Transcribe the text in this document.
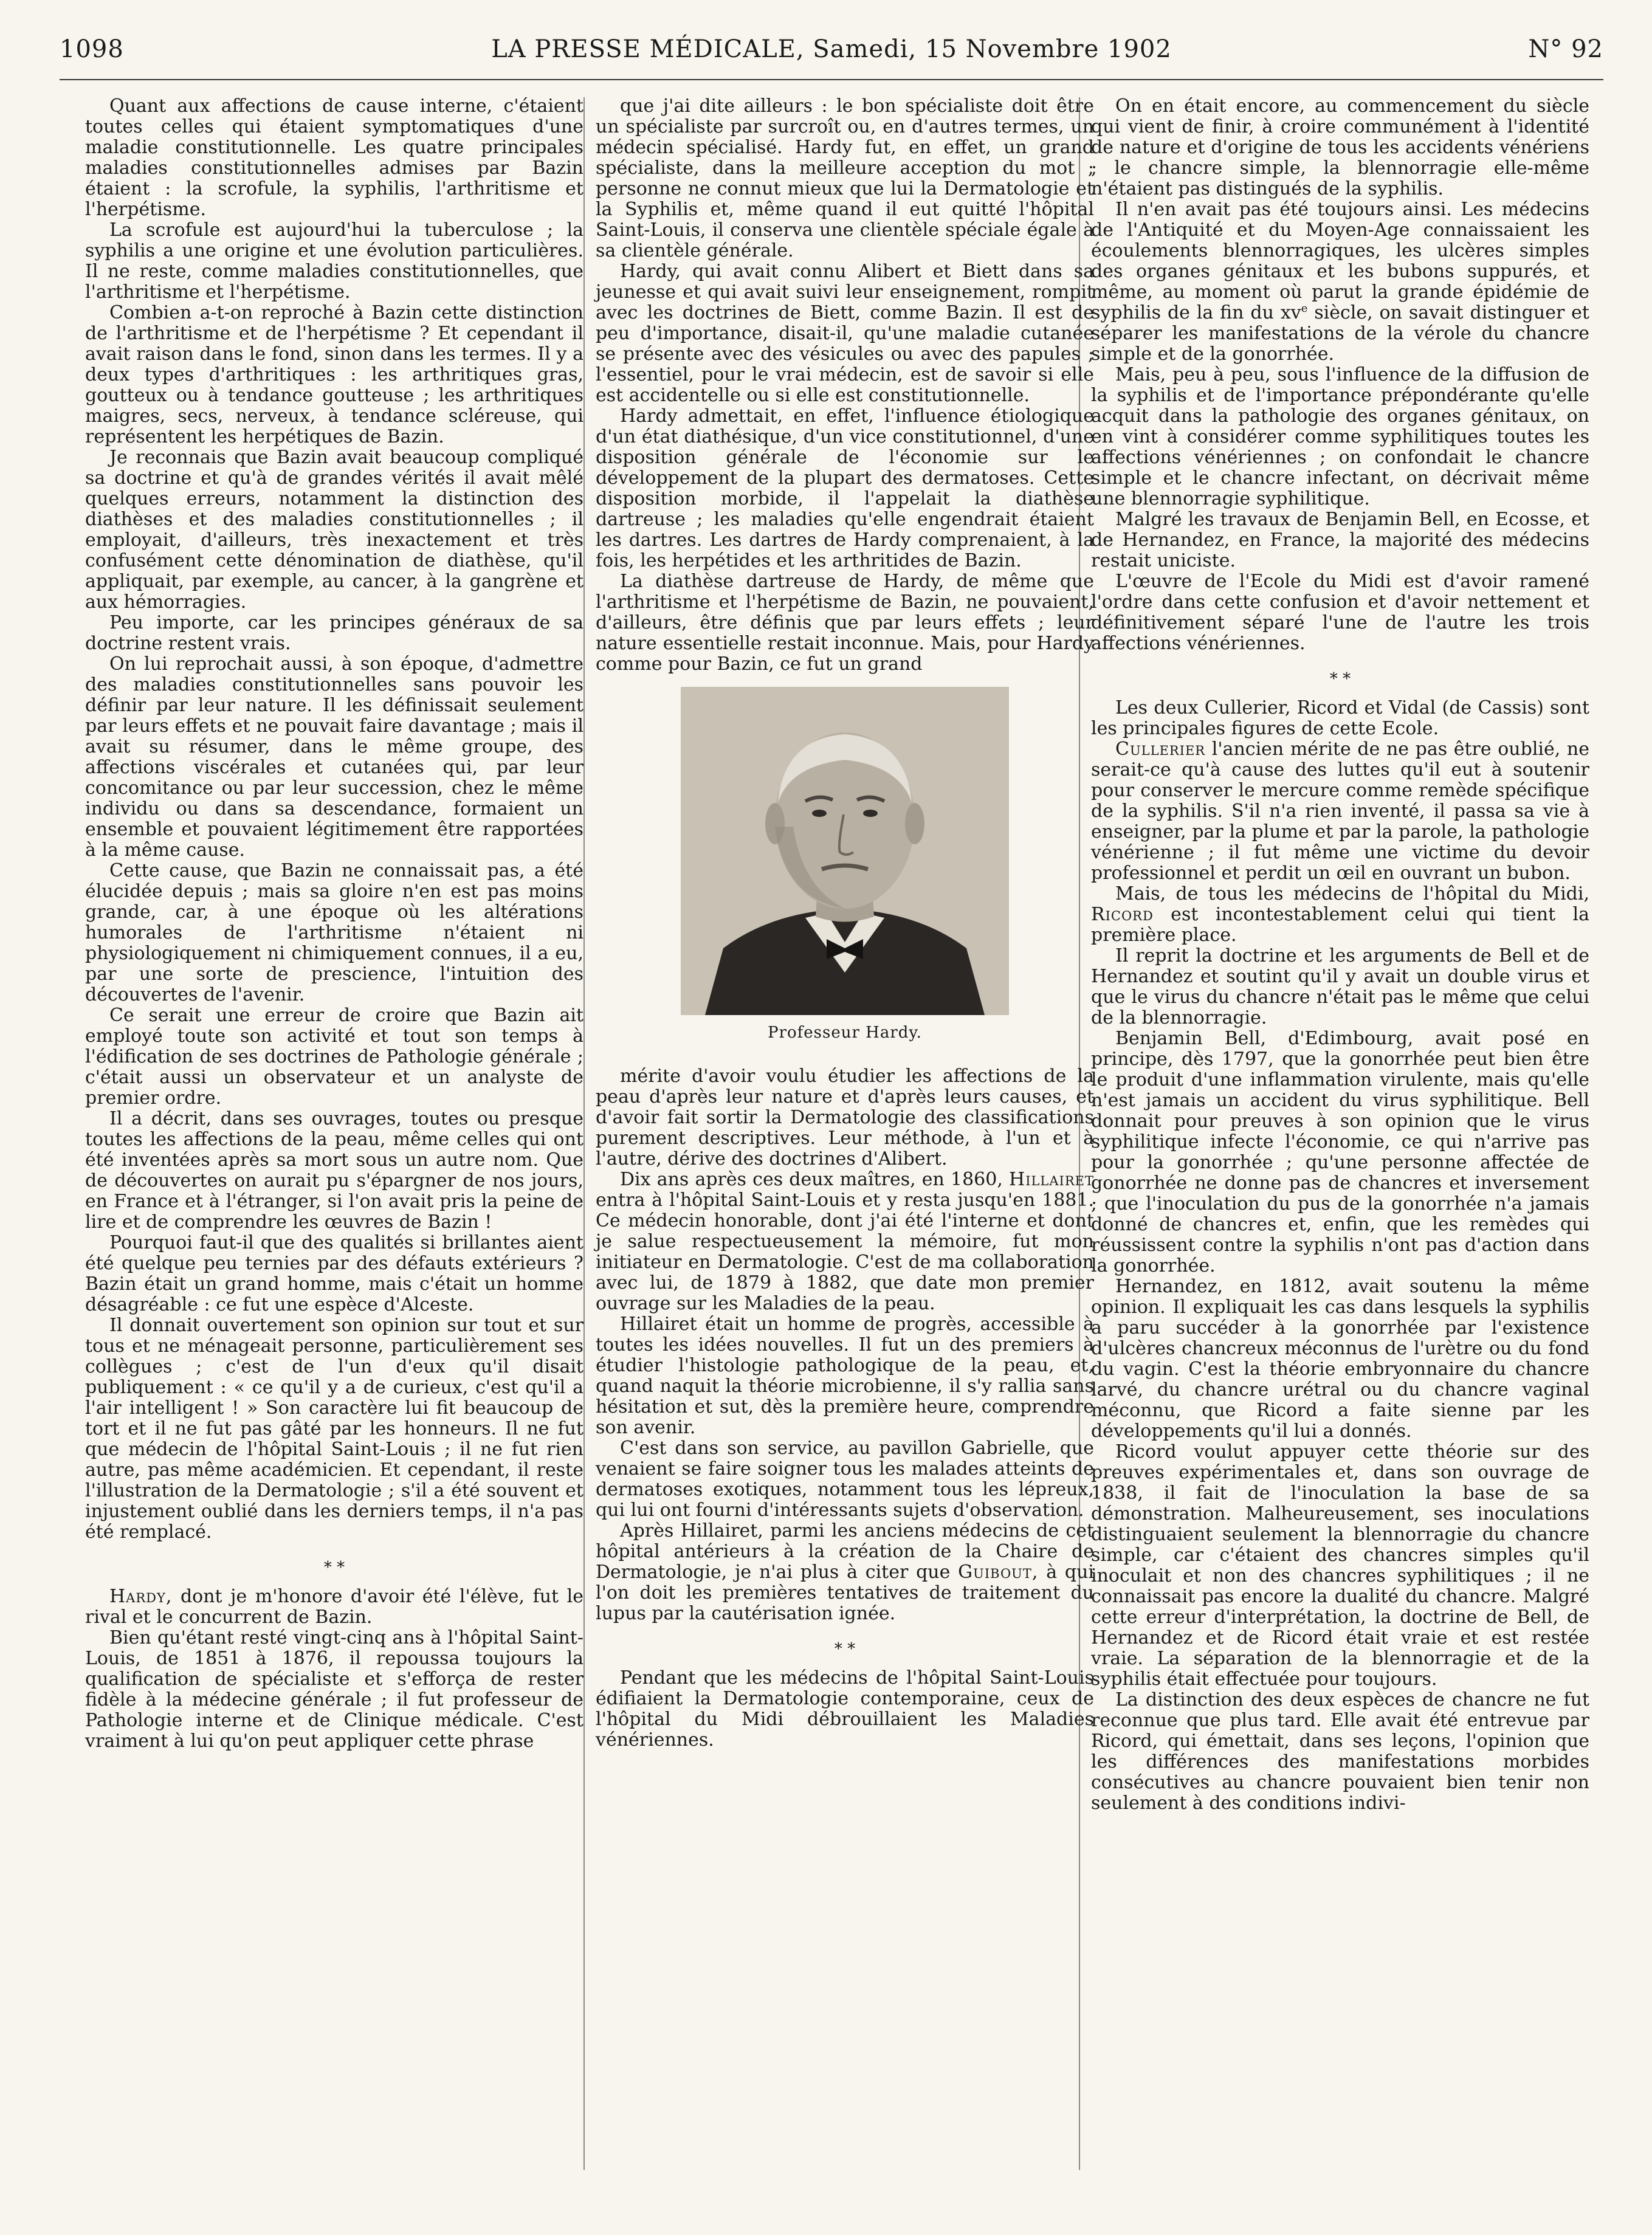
1098	LA PRESSE MÉDICALE, Samedi, 15 Novembre 1902	N° 92

Quant aux affections de cause interne, c'étaient toutes celles qui étaient symptomatiques d'une maladie constitutionnelle. Les quatre principales maladies constitutionnelles admises par Bazin étaient : la scrofule, la syphilis, l'arthritisme et l'herpétisme.

La scrofule est aujourd'hui la tuberculose ; la syphilis a une origine et une évolution particulières. Il ne reste, comme maladies constitutionnelles, que l'arthritisme et l'herpétisme.

Combien a-t-on reproché à Bazin cette distinction de l'arthritisme et de l'herpétisme ? Et cependant il avait raison dans le fond, sinon dans les termes. Il y a deux types d'arthritiques : les arthritiques gras, goutteux ou à tendance goutteuse ; les arthritiques maigres, secs, nerveux, à tendance scléreuse, qui représentent les herpétiques de Bazin.

Je reconnais que Bazin avait beaucoup compliqué sa doctrine et qu'à de grandes vérités il avait mêlé quelques erreurs, notamment la distinction des diathèses et des maladies constitutionnelles ; il employait, d'ailleurs, très inexactement et très confusément cette dénomination de diathèse, qu'il appliquait, par exemple, au cancer, à la gangrène et aux hémorragies.

Peu importe, car les principes généraux de sa doctrine restent vrais.

On lui reprochait aussi, à son époque, d'admettre des maladies constitutionnelles sans pouvoir les définir par leur nature. Il les définissait seulement par leurs effets et ne pouvait faire davantage ; mais il avait su résumer, dans le même groupe, des affections viscérales et cutanées qui, par leur concomitance ou par leur succession, chez le même individu ou dans sa descendance, formaient un ensemble et pouvaient légitimement être rapportées à la même cause.

Cette cause, que Bazin ne connaissait pas, a été élucidée depuis ; mais sa gloire n'en est pas moins grande, car, à une époque où les altérations humorales de l'arthritisme n'étaient ni physiologiquement ni chimiquement connues, il a eu, par une sorte de prescience, l'intuition des découvertes de l'avenir.

Ce serait une erreur de croire que Bazin ait employé toute son activité et tout son temps à l'édification de ses doctrines de Pathologie générale ; c'était aussi un observateur et un analyste de premier ordre.

Il a décrit, dans ses ouvrages, toutes ou presque toutes les affections de la peau, même celles qui ont été inventées après sa mort sous un autre nom. Que de découvertes on aurait pu s'épargner de nos jours, en France et à l'étranger, si l'on avait pris la peine de lire et de comprendre les œuvres de Bazin !

Pourquoi faut-il que des qualités si brillantes aient été quelque peu ternies par des défauts extérieurs ? Bazin était un grand homme, mais c'était un homme désagréable : ce fut une espèce d'Alceste.

Il donnait ouvertement son opinion sur tout et sur tous et ne ménageait personne, particulièrement ses collègues ; c'est de l'un d'eux qu'il disait publiquement : « ce qu'il y a de curieux, c'est qu'il a l'air intelligent ! » Son caractère lui fit beaucoup de tort et il ne fut pas gâté par les honneurs. Il ne fut que médecin de l'hôpital Saint-Louis ; il ne fut rien autre, pas même académicien. Et cependant, il reste l'illustration de la Dermatologie ; s'il a été souvent et injustement oublié dans les derniers temps, il n'a pas été remplacé.

* *

Hardy, dont je m'honore d'avoir été l'élève, fut le rival et le concurrent de Bazin.

Bien qu'étant resté vingt-cinq ans à l'hôpital Saint-Louis, de 1851 à 1876, il repoussa toujours la qualification de spécialiste et s'efforça de rester fidèle à la médecine générale ; il fut professeur de Pathologie interne et de Clinique médicale. C'est vraiment à lui qu'on peut appliquer cette phrase

que j'ai dite ailleurs : le bon spécialiste doit être un spécialiste par surcroît ou, en d'autres termes, un médecin spécialisé. Hardy fut, en effet, un grand spécialiste, dans la meilleure acception du mot ; personne ne connut mieux que lui la Dermatologie et la Syphilis et, même quand il eut quitté l'hôpital Saint-Louis, il conserva une clientèle spéciale égale à sa clientèle générale.

Hardy, qui avait connu Alibert et Biett dans sa jeunesse et qui avait suivi leur enseignement, rompit avec les doctrines de Biett, comme Bazin. Il est de peu d'importance, disait-il, qu'une maladie cutanée se présente avec des vésicules ou avec des papules ; l'essentiel, pour le vrai médecin, est de savoir si elle est accidentelle ou si elle est constitutionnelle.

Hardy admettait, en effet, l'influence étiologique d'un état diathésique, d'un vice constitutionnel, d'une disposition générale de l'économie sur le développement de la plupart des dermatoses. Cette disposition morbide, il l'appelait la diathèse dartreuse ; les maladies qu'elle engendrait étaient les dartres. Les dartres de Hardy comprenaient, à la fois, les herpétides et les arthritides de Bazin.

La diathèse dartreuse de Hardy, de même que l'arthritisme et l'herpétisme de Bazin, ne pouvaient, d'ailleurs, être définis que par leurs effets ; leur nature essentielle restait inconnue. Mais, pour Hardy comme pour Bazin, ce fut un grand

Professeur Hardy.

mérite d'avoir voulu étudier les affections de la peau d'après leur nature et d'après leurs causes, et d'avoir fait sortir la Dermatologie des classifications purement descriptives. Leur méthode, à l'un et à l'autre, dérive des doctrines d'Alibert.

Dix ans après ces deux maîtres, en 1860, Hillairet entra à l'hôpital Saint-Louis et y resta jusqu'en 1881. Ce médecin honorable, dont j'ai été l'interne et dont je salue respectueusement la mémoire, fut mon initiateur en Dermatologie. C'est de ma collaboration avec lui, de 1879 à 1882, que date mon premier ouvrage sur les Maladies de la peau.

Hillairet était un homme de progrès, accessible à toutes les idées nouvelles. Il fut un des premiers à étudier l'histologie pathologique de la peau, et, quand naquit la théorie microbienne, il s'y rallia sans hésitation et sut, dès la première heure, comprendre son avenir.

C'est dans son service, au pavillon Gabrielle, que venaient se faire soigner tous les malades atteints de dermatoses exotiques, notamment tous les lépreux, qui lui ont fourni d'intéressants sujets d'observation.

Après Hillairet, parmi les anciens médecins de cet hôpital antérieurs à la création de la Chaire de Dermatologie, je n'ai plus à citer que Guibout, à qui l'on doit les premières tentatives de traitement du lupus par la cautérisation ignée.

* *

Pendant que les médecins de l'hôpital Saint-Louis édifiaient la Dermatologie contemporaine, ceux de l'hôpital du Midi débrouillaient les Maladies vénériennes.

On en était encore, au commencement du siècle qui vient de finir, à croire communément à l'identité de nature et d'origine de tous les accidents vénériens ; le chancre simple, la blennorragie elle-même n'étaient pas distingués de la syphilis.

Il n'en avait pas été toujours ainsi. Les médecins de l'Antiquité et du Moyen-Age connaissaient les écoulements blennorragiques, les ulcères simples des organes génitaux et les bubons suppurés, et même, au moment où parut la grande épidémie de syphilis de la fin du $xv^e$ siècle, on savait distinguer et séparer les manifestations de la vérole du chancre simple et de la gonorrhée.

Mais, peu à peu, sous l'influence de la diffusion de la syphilis et de l'importance prépondérante qu'elle acquit dans la pathologie des organes génitaux, on en vint à considérer comme syphilitiques toutes les affections vénériennes ; on confondait le chancre simple et le chancre infectant, on décrivait même une blennorragie syphilitique.

Malgré les travaux de Benjamin Bell, en Ecosse, et de Hernandez, en France, la majorité des médecins restait uniciste.

L'œuvre de l'Ecole du Midi est d'avoir ramené l'ordre dans cette confusion et d'avoir nettement et définitivement séparé l'une de l'autre les trois affections vénériennes.

* *

Les deux Cullerier, Ricord et Vidal (de Cassis) sont les principales figures de cette Ecole.

Cullerier l'ancien mérite de ne pas être oublié, ne serait-ce qu'à cause des luttes qu'il eut à soutenir pour conserver le mercure comme remède spécifique de la syphilis. S'il n'a rien inventé, il passa sa vie à enseigner, par la plume et par la parole, la pathologie vénérienne ; il fut même une victime du devoir professionnel et perdit un œil en ouvrant un bubon.

Mais, de tous les médecins de l'hôpital du Midi, Ricord est incontestablement celui qui tient la première place.

Il reprit la doctrine et les arguments de Bell et de Hernandez et soutint qu'il y avait un double virus et que le virus du chancre n'était pas le même que celui de la blennorragie.

Benjamin Bell, d'Edimbourg, avait posé en principe, dès 1797, que la gonorrhée peut bien être le produit d'une inflammation virulente, mais qu'elle n'est jamais un accident du virus syphilitique. Bell donnait pour preuves à son opinion que le virus syphilitique infecte l'économie, ce qui n'arrive pas pour la gonorrhée ; qu'une personne affectée de gonorrhée ne donne pas de chancres et inversement ; que l'inoculation du pus de la gonorrhée n'a jamais donné de chancres et, enfin, que les remèdes qui réussissent contre la syphilis n'ont pas d'action dans la gonorrhée.

Hernandez, en 1812, avait soutenu la même opinion. Il expliquait les cas dans lesquels la syphilis a paru succéder à la gonorrhée par l'existence d'ulcères chancreux méconnus de l'urètre ou du fond du vagin. C'est la théorie embryonnaire du chancre larvé, du chancre urétral ou du chancre vaginal méconnu, que Ricord a faite sienne par les développements qu'il lui a donnés.

Ricord voulut appuyer cette théorie sur des preuves expérimentales et, dans son ouvrage de 1838, il fait de l'inoculation la base de sa démonstration. Malheureusement, ses inoculations distinguaient seulement la blennorragie du chancre simple, car c'étaient des chancres simples qu'il inoculait et non des chancres syphilitiques ; il ne connaissait pas encore la dualité du chancre. Malgré cette erreur d'interprétation, la doctrine de Bell, de Hernandez et de Ricord était vraie et est restée vraie. La séparation de la blennorragie et de la syphilis était effectuée pour toujours.

La distinction des deux espèces de chancre ne fut reconnue que plus tard. Elle avait été entrevue par Ricord, qui émettait, dans ses leçons, l'opinion que les différences des manifestations morbides consécutives au chancre pouvaient bien tenir non seulement à des conditions indivi-
